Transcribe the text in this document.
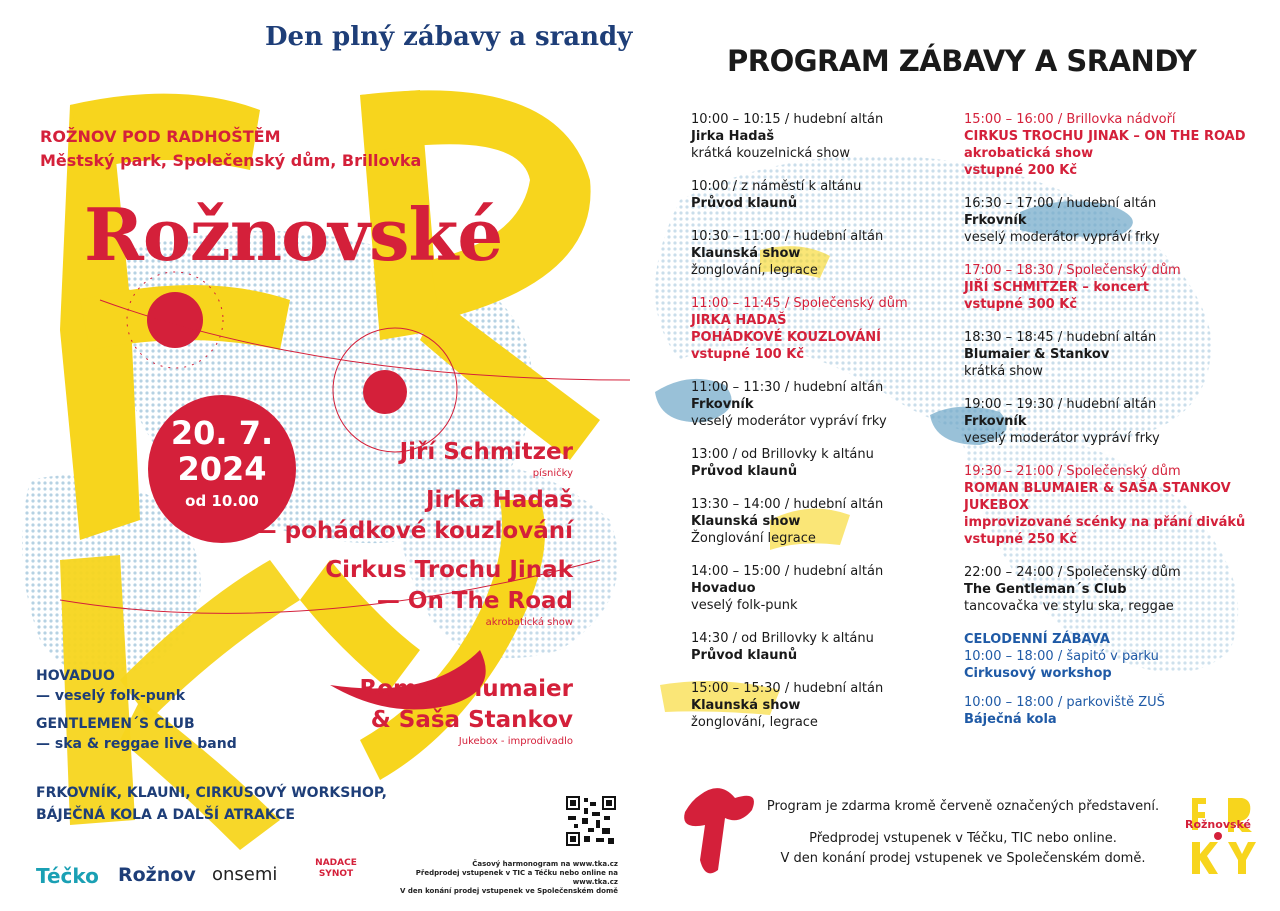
Den plný zábavy a srandy
ROŽNOV POD RADHOŠTĚM
Městský park, Společenský dům, Brillovka
Rožnovské
20. 7.
2024
od 10.00

Jiří Schmitzer

písničky

Jirka Hadaš

— pohádkové kouzlování

Cirkus Trochu Jinak

— On The Road

akrobatická show

Roman Blumaier

& Saša Stankov

Jukebox - improdivadlo

HOVADUO
— veselý folk-punk

GENTLEMEN´S CLUB
— ska & reggae live band

FRKOVNÍK, KLAUNI, CIRKUSOVÝ WORKSHOP,
BÁJEČNÁ KOLA A DALŠÍ ATRAKCE
Časový harmonogram na www.tka.cz
Předprodej vstupenek v TIC a Téčku nebo online na www.tka.cz
V den konání prodej vstupenek ve Společenském domě
Téčko Rožnov onsemi
NADACE
SYNOT
PROGRAM ZÁBAVY A SRANDY
10:00 – 10:15 / hudební altán
Jirka Hadaš
krátká kouzelnická show
10:00 / z náměstí k altánu
Průvod klaunů
10:30 – 11:00 / hudební altán
Klaunská show
žonglování, legrace
11:00 – 11:45 / Společenský dům
JIRKA HADAŠ
POHÁDKOVÉ KOUZLOVÁNÍ
vstupné 100 Kč
11:00 – 11:30 / hudební altán
Frkovník
veselý moderátor vypráví frky
13:00 / od Brillovky k altánu
Průvod klaunů
13:30 – 14:00 / hudební altán
Klaunská show
Žonglování legrace
14:00 – 15:00 / hudební altán
Hovaduo
veselý folk-punk
14:30 / od Brillovky k altánu
Průvod klaunů
15:00 – 15:30 / hudební altán
Klaunská show
žonglování, legrace
15:00 – 16:00 / Brillovka nádvoří
CIRKUS TROCHU JINAK – ON THE ROAD
akrobatická show
vstupné 200 Kč
16:30 – 17:00 / hudební altán
Frkovník
veselý moderátor vypráví frky
17:00 – 18:30 / Společenský dům
JIŘÍ SCHMITZER – koncert
vstupné 300 Kč
18:30 – 18:45 / hudební altán
Blumaier & Stankov
krátká show
19:00 – 19:30 / hudební altán
Frkovník
veselý moderátor vypráví frky
19:30 – 21:00 / Společenský dům
ROMAN BLUMAIER & SAŠA STANKOV
JUKEBOX
improvizované scénky na přání diváků
vstupné 250 Kč
22:00 – 24:00 / Společenský dům
The Gentleman´s Club
tancovačka ve stylu ska, reggae
CELODENNÍ ZÁBAVA
10:00 – 18:00 / šapitó v parku
Cirkusový workshop
10:00 – 18:00 / parkoviště ZUŠ
Báječná kola

Program je zdarma kromě červeně označených představení.

Předprodej vstupenek v Téčku, TIC nebo online.
V den konání prodej vstupenek ve Společenském domě.

Rožnovské
